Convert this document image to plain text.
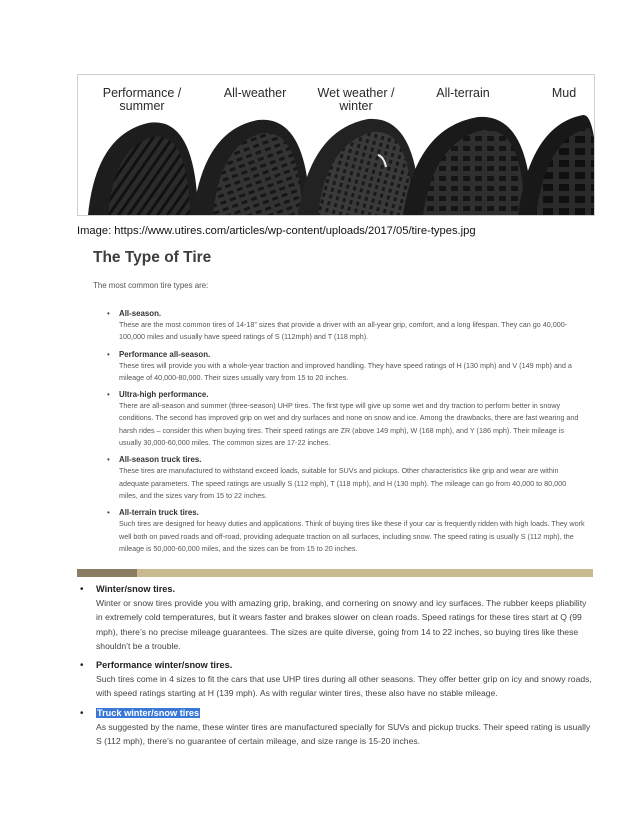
Performance /
summer
All-weather	Wet weather /
winter
All-terrain	Mud
Image: https://www.utires.com/articles/wp-content/uploads/2017/05/tire-types.jpg
The Type of Tire
The most common tire types are:
• All-season.
These are the most common tires of 14-18” sizes that provide a driver with an all-year grip, comfort, and a long lifespan. They can go 40,000-100,000 miles and usually have speed ratings of S (112mph) and T (118 mph).
• Performance all-season.
These tires will provide you with a whole-year traction and improved handling. They have speed ratings of H (130 mph) and V (149 mph) and a mileage of 40,000-80,000. Their sizes usually vary from 15 to 20 inches.
• Ultra-high performance.
There are all-season and summer (three-season) UHP tires. The first type will give up some wet and dry traction to perform better in snowy conditions. The second has improved grip on wet and dry surfaces and none on snow and ice. Among the drawbacks, there are fast wearing and harsh rides – consider this when buying tires. Their speed ratings are ZR (above 149 mph), W (168 mph), and Y (186 mph). Their mileage is usually 30,000-60,000 miles. The common sizes are 17-22 inches.
• All-season truck tires.
These tires are manufactured to withstand exceed loads, suitable for SUVs and pickups. Other characteristics like grip and wear are within adequate parameters. The speed ratings are usually S (112 mph), T (118 mph), and H (130 mph). The mileage can go from 40,000 to 80,000 miles, and the sizes vary from 15 to 22 inches.
• All-terrain truck tires.
Such tires are designed for heavy duties and applications. Think of buying tires like these if your car is frequently ridden with high loads. They work well both on paved roads and off-road, providing adequate traction on all surfaces, including snow. The speed rating is usually S (112 mph), the mileage is 50,000-60,000 miles, and the sizes can be from 15 to 20 inches.
• Winter/snow tires.
Winter or snow tires provide you with amazing grip, braking, and cornering on snowy and icy surfaces. The rubber keeps pliability in extremely cold temperatures, but it wears faster and brakes slower on clean roads. Speed ratings for these tires start at Q (99 mph), there’s no precise mileage guarantees. The sizes are quite diverse, going from 14 to 22 inches, so buying tires like these shouldn’t be a trouble.
• Performance winter/snow tires.
Such tires come in 4 sizes to fit the cars that use UHP tires during all other seasons. They offer better grip on icy and snowy roads, with speed ratings starting at H (139 mph). As with regular winter tires, these also have no stable mileage.
• Truck winter/snow tires
As suggested by the name, these winter tires are manufactured specially for SUVs and pickup trucks. Their speed rating is usually S (112 mph), there’s no guarantee of certain mileage, and size range is 15-20 inches.
